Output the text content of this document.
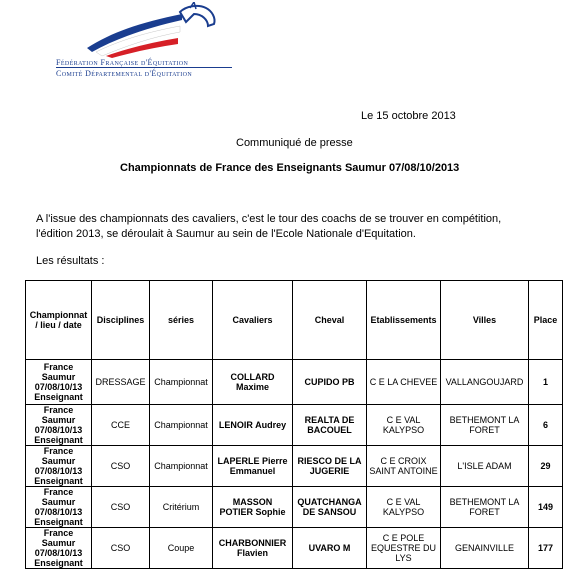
Fédération Française d'Équitation
Comité Départemental d'Équitation
Le 15 octobre 2013
Communiqué de presse
Championnats de France des Enseignants Saumur 07/08/10/2013

A l'issue des championnats des cavaliers, c'est le tour des coachs de se trouver en compétition,

l'édition 2013, se déroulait à Saumur au sein de l'Ecole Nationale d'Equitation.

Les résultats :
Championnat / lieu / date	Disciplines	séries	Cavaliers	Cheval	Etablissements	Villes	Place
France Saumur 07/08/10/13 Enseignant	DRESSAGE	Championnat	COLLARD Maxime	CUPIDO PB	C E LA CHEVEE	VALLANGOUJARD	1
France Saumur 07/08/10/13 Enseignant	CCE	Championnat	LENOIR Audrey	REALTA DE BACOUEL	C E VAL KALYPSO	BETHEMONT LA FORET	6
France Saumur 07/08/10/13 Enseignant	CSO	Championnat	LAPERLE Pierre Emmanuel	RIESCO DE LA JUGERIE	C E CROIX SAINT ANTOINE	L'ISLE ADAM	29
France Saumur 07/08/10/13 Enseignant	CSO	Critérium	MASSON POTIER Sophie	QUATCHANGA DE SANSOU	C E VAL KALYPSO	BETHEMONT LA FORET	149
France Saumur 07/08/10/13 Enseignant	CSO	Coupe	CHARBONNIER Flavien	UVARO M	C E POLE EQUESTRE DU LYS	GENAINVILLE	177
